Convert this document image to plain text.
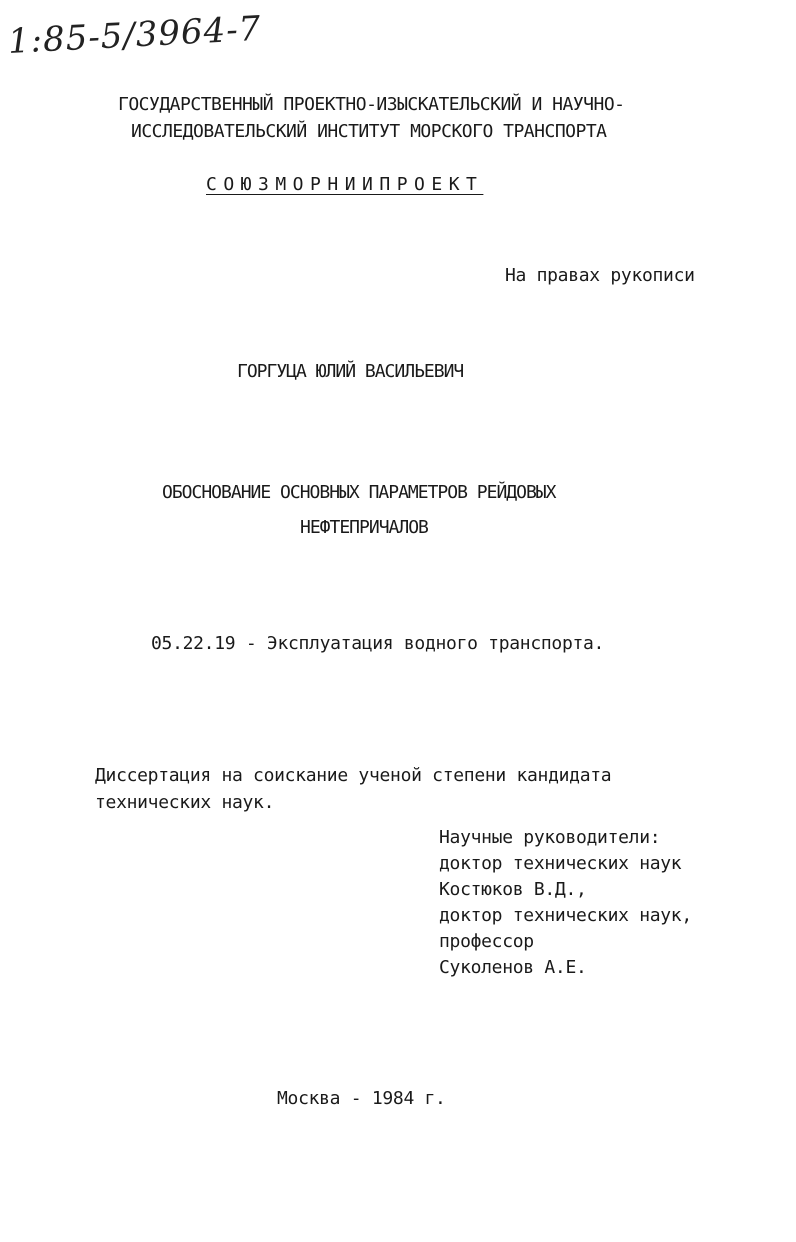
1:85-5/3964-7
ГОСУДАРСТВЕННЫЙ ПРОЕКТНО-ИЗЫСКАТЕЛЬСКИЙ И НАУЧНО-
ИССЛЕДОВАТЕЛЬСКИЙ ИНСТИТУТ МОРСКОГО ТРАНСПОРТА
СОЮЗМОРНИИПРОЕКТ
На правах рукописи
ГОРГУЦА ЮЛИЙ ВАСИЛЬЕВИЧ
ОБОСНОВАНИЕ ОСНОВНЫХ ПАРАМЕТРОВ РЕЙДОВЫХ
НЕФТЕПРИЧАЛОВ
05.22.19 - Эксплуатация водного транспорта.
Диссертация на соискание ученой степени кандидата
технических наук.
Научные руководители:
доктор технических наук
Костюков В.Д.,
доктор технических наук,
профессор
Суколенов А.Е.
Москва - 1984 г.
